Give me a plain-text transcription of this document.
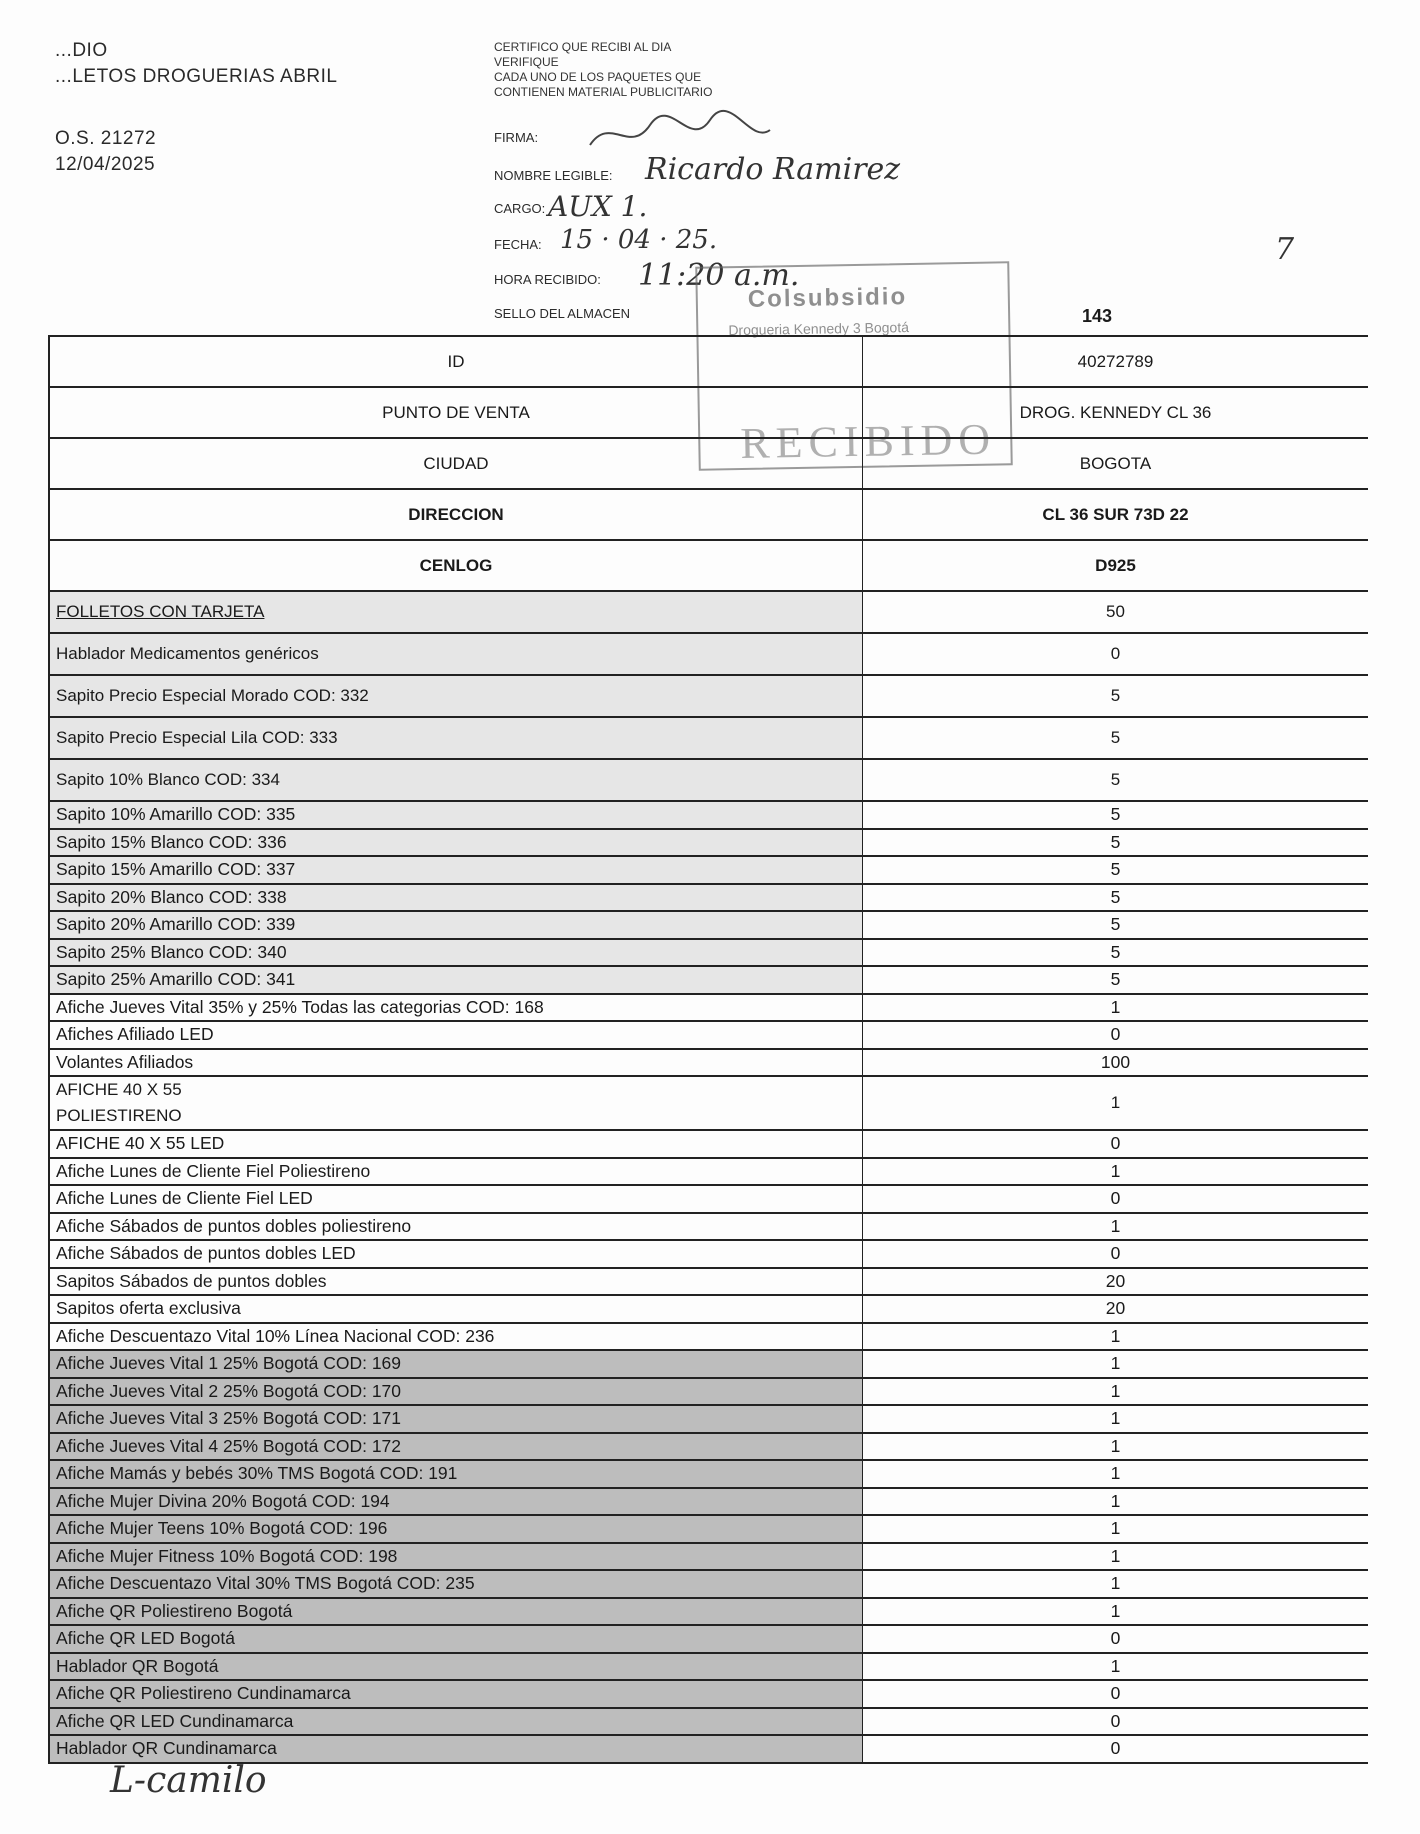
...DIO
...LETOS DROGUERIAS ABRIL
O.S. 21272
12/04/2025
CERTIFICO QUE RECIBI AL DIA
VERIFIQUE
CADA UNO DE LOS PAQUETES QUE
CONTIENEN MATERIAL PUBLICITARIO
FIRMA:
NOMBRE LEGIBLE: Ricardo Ramirez
CARGO: AUX 1.
FECHA: 15 · 04 · 25.
HORA RECIBIDO: 11:20 a.m.
SELLO DEL ALMACEN
7
Colsubsidio
Drogueria Kennedy 3 Bogotá
RECIBIDO
143
ID	40272789
PUNTO DE VENTA	DROG. KENNEDY CL 36
CIUDAD	BOGOTA
DIRECCION	CL 36 SUR 73D 22
CENLOG	D925
FOLLETOS CON TARJETA	50
Hablador Medicamentos genéricos	0
Sapito Precio Especial Morado COD: 332	5
Sapito Precio Especial Lila COD: 333	5
Sapito 10% Blanco COD: 334	5
Sapito 10% Amarillo COD: 335	5
Sapito 15% Blanco COD: 336	5
Sapito 15% Amarillo COD: 337	5
Sapito 20% Blanco COD: 338	5
Sapito 20% Amarillo COD: 339	5
Sapito 25% Blanco COD: 340	5
Sapito 25% Amarillo COD: 341	5
Afiche Jueves Vital 35% y 25% Todas las categorias COD: 168	1
Afiches Afiliado LED	0
Volantes Afiliados	100

AFICHE 40 X 55
POLIESTIRENO	1
AFICHE 40 X 55 LED	0
Afiche Lunes de Cliente Fiel Poliestireno	1
Afiche Lunes de Cliente Fiel LED	0
Afiche Sábados de puntos dobles poliestireno	1
Afiche Sábados de puntos dobles LED	0
Sapitos Sábados de puntos dobles	20
Sapitos oferta exclusiva	20
Afiche Descuentazo Vital 10% Línea Nacional COD: 236	1
Afiche Jueves Vital 1 25% Bogotá COD: 169	1
Afiche Jueves Vital 2 25% Bogotá COD: 170	1
Afiche Jueves Vital 3 25% Bogotá COD: 171	1
Afiche Jueves Vital 4 25% Bogotá COD: 172	1
Afiche Mamás y bebés 30% TMS Bogotá COD: 191	1
Afiche Mujer Divina 20% Bogotá COD: 194	1
Afiche Mujer Teens 10% Bogotá COD: 196	1
Afiche Mujer Fitness 10% Bogotá COD: 198	1
Afiche Descuentazo Vital 30% TMS Bogotá COD: 235	1
Afiche QR Poliestireno Bogotá	1
Afiche QR LED Bogotá	0
Hablador QR Bogotá	1
Afiche QR Poliestireno Cundinamarca	0
Afiche QR LED Cundinamarca	0
Hablador QR Cundinamarca	0
L-camilo
